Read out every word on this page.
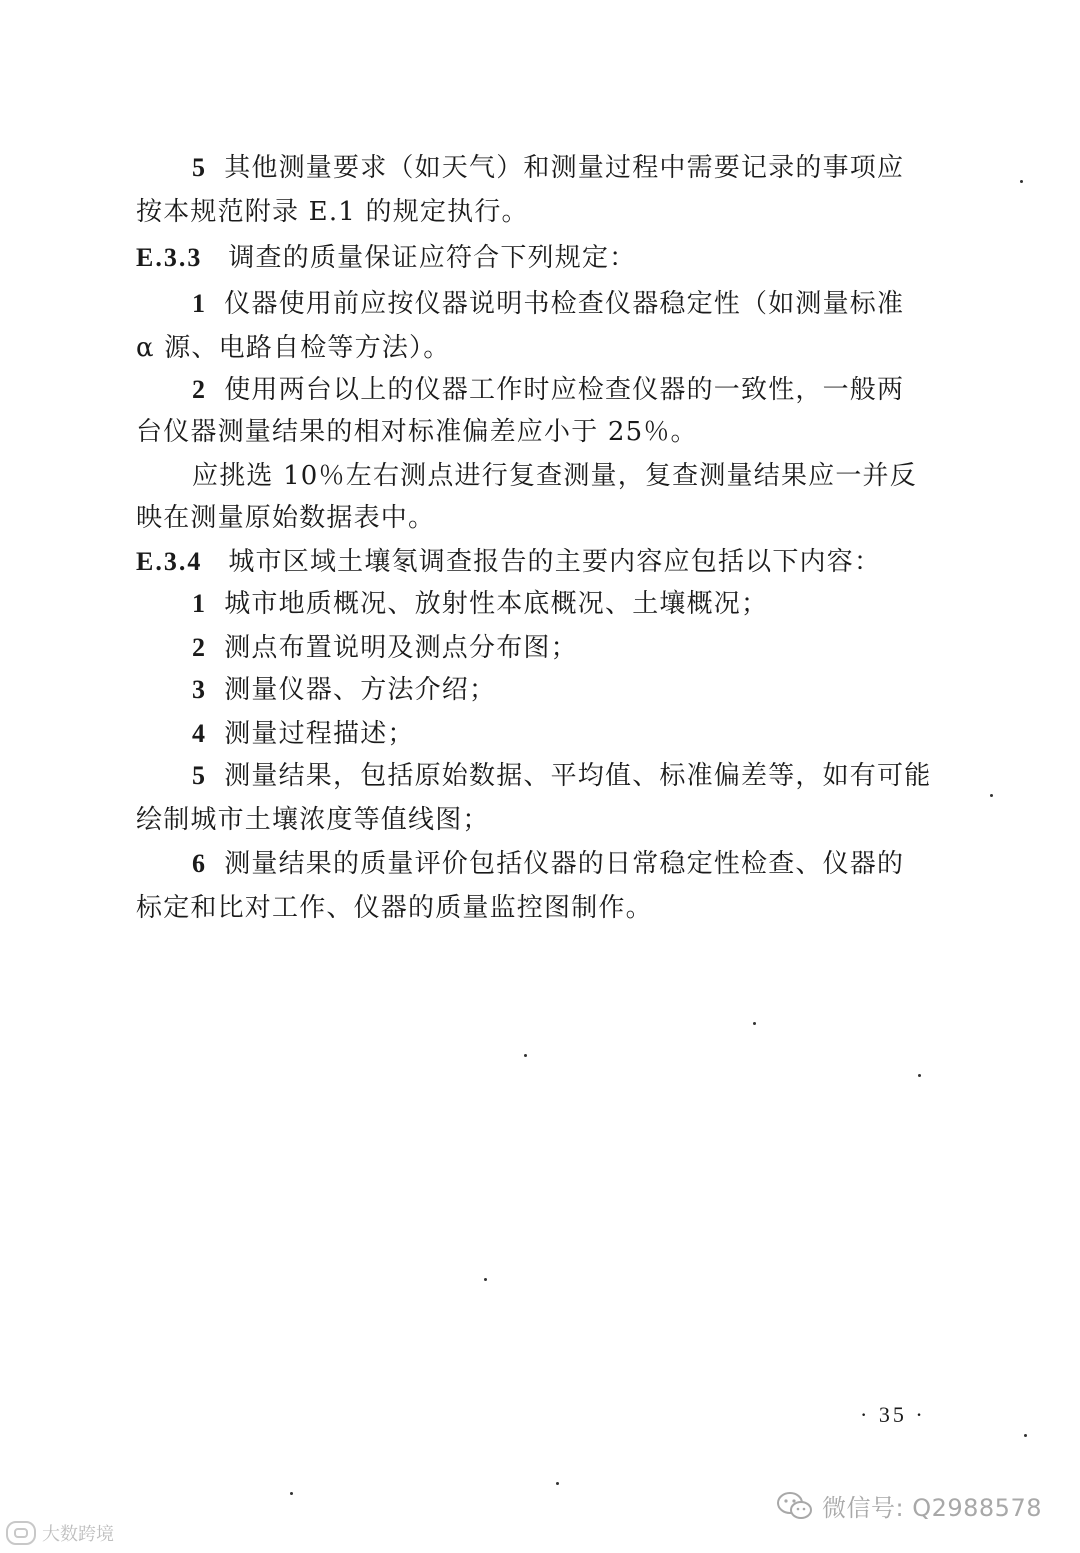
5 其他测量要求（如天气）和测量过程中需要记录的事项应
按本规范附录 E.1 的规定执行。
E.3.3 调查的质量保证应符合下列规定：
1 仪器使用前应按仪器说明书检查仪器稳定性（如测量标准
α 源、电路自检等方法）。
2 使用两台以上的仪器工作时应检查仪器的一致性，一般两
台仪器测量结果的相对标准偏差应小于 25％。
应挑选 10％左右测点进行复查测量，复查测量结果应一并反
映在测量原始数据表中。
E.3.4 城市区域土壤氡调查报告的主要内容应包括以下内容：
1 城市地质概况、放射性本底概况、土壤概况；
2 测点布置说明及测点分布图；
3 测量仪器、方法介绍；
4 测量过程描述；
5 测量结果，包括原始数据、平均值、标准偏差等，如有可能
绘制城市土壤浓度等值线图；
6 测量结果的质量评价包括仪器的日常稳定性检查、仪器的
标定和比对工作、仪器的质量监控图制作。
· 35 ·
大数跨境
微信号: Q2988578
